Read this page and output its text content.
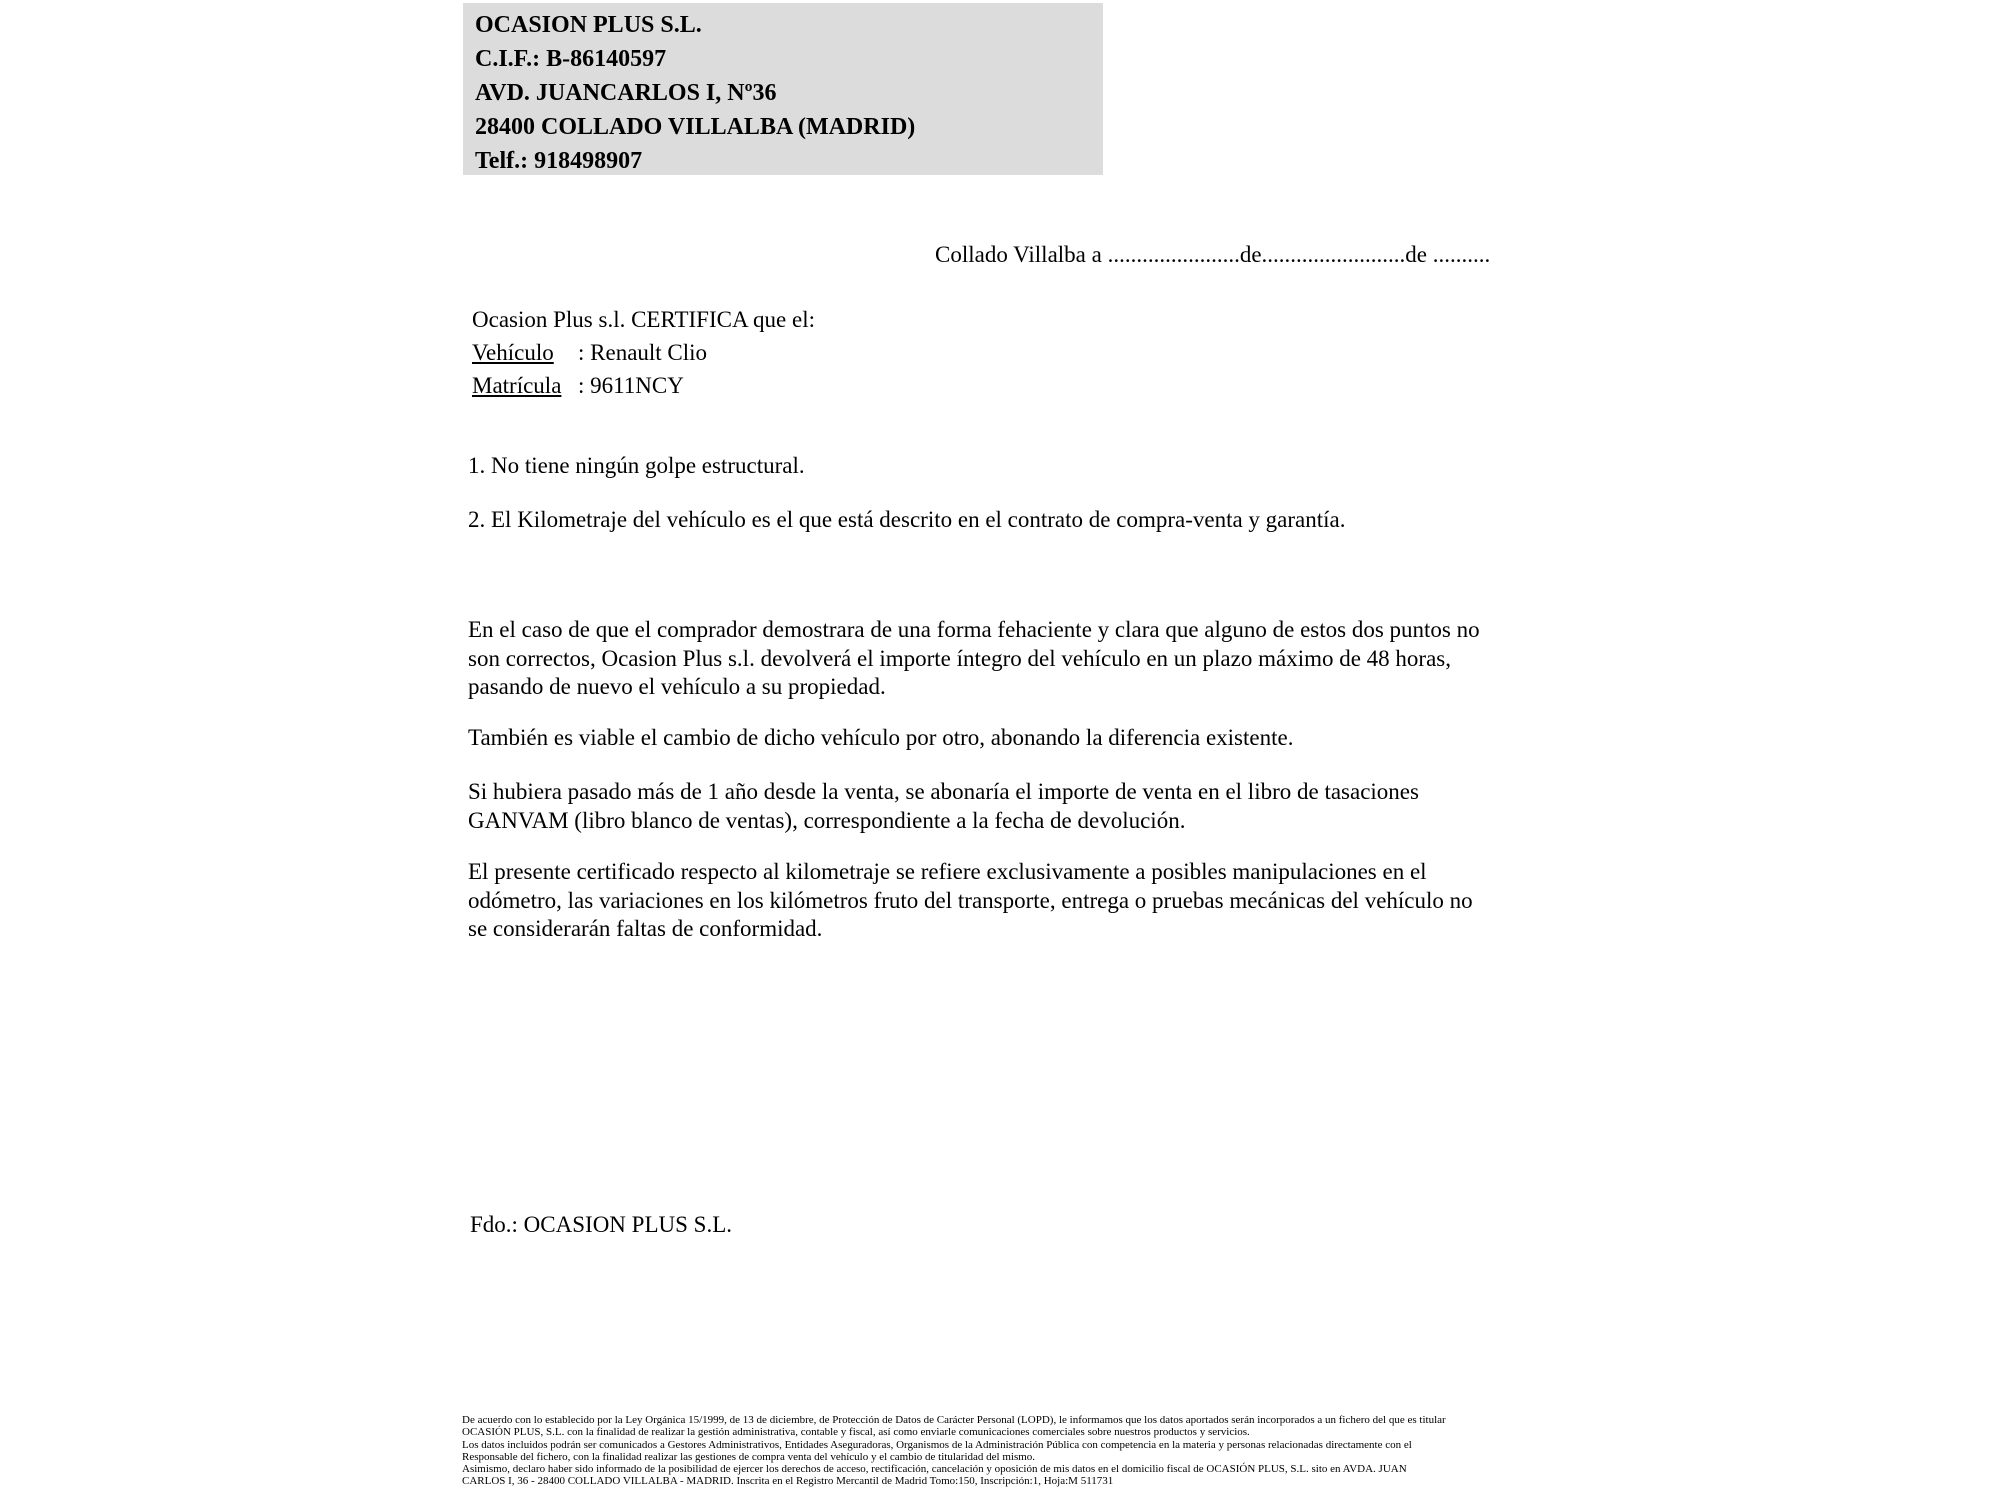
OCASION PLUS S.L.
C.I.F.: B-86140597
AVD. JUANCARLOS I, Nº36
28400 COLLADO VILLALBA (MADRID)
Telf.: 918498907
Collado Villalba a .......................de.........................de ..........
Ocasion Plus s.l. CERTIFICA que el:
Vehículo : Renault Clio
Matrícula : 9611NCY
1. No tiene ningún golpe estructural.
2. El Kilometraje del vehículo es el que está descrito en el contrato de compra-venta y garantía.
En el caso de que el comprador demostrara de una forma fehaciente y clara que alguno de estos dos puntos no
son correctos, Ocasion Plus s.l. devolverá el importe íntegro del vehículo en un plazo máximo de 48 horas,
pasando de nuevo el vehículo a su propiedad.
También es viable el cambio de dicho vehículo por otro, abonando la diferencia existente.
Si hubiera pasado más de 1 año desde la venta, se abonaría el importe de venta en el libro de tasaciones
GANVAM (libro blanco de ventas), correspondiente a la fecha de devolución.
El presente certificado respecto al kilometraje se refiere exclusivamente a posibles manipulaciones en el
odómetro, las variaciones en los kilómetros fruto del transporte, entrega o pruebas mecánicas del vehículo no
se considerarán faltas de conformidad.
Fdo.: OCASION PLUS S.L.
De acuerdo con lo establecido por la Ley Orgánica 15/1999, de 13 de diciembre, de Protección de Datos de Carácter Personal (LOPD), le informamos que los datos aportados serán incorporados a un fichero del que es titular
OCASIÓN PLUS, S.L. con la finalidad de realizar la gestión administrativa, contable y fiscal, así como enviarle comunicaciones comerciales sobre nuestros productos y servicios.
Los datos incluidos podrán ser comunicados a Gestores Administrativos, Entidades Aseguradoras, Organismos de la Administración Pública con competencia en la materia y personas relacionadas directamente con el
Responsable del fichero, con la finalidad realizar las gestiones de compra venta del vehículo y el cambio de titularidad del mismo.
Asimismo, declaro haber sido informado de la posibilidad de ejercer los derechos de acceso, rectificación, cancelación y oposición de mis datos en el domicilio fiscal de OCASIÓN PLUS, S.L. sito en AVDA. JUAN
CARLOS I, 36 - 28400 COLLADO VILLALBA - MADRID. Inscrita en el Registro Mercantil de Madrid Tomo:150, Inscripción:1, Hoja:M 511731
